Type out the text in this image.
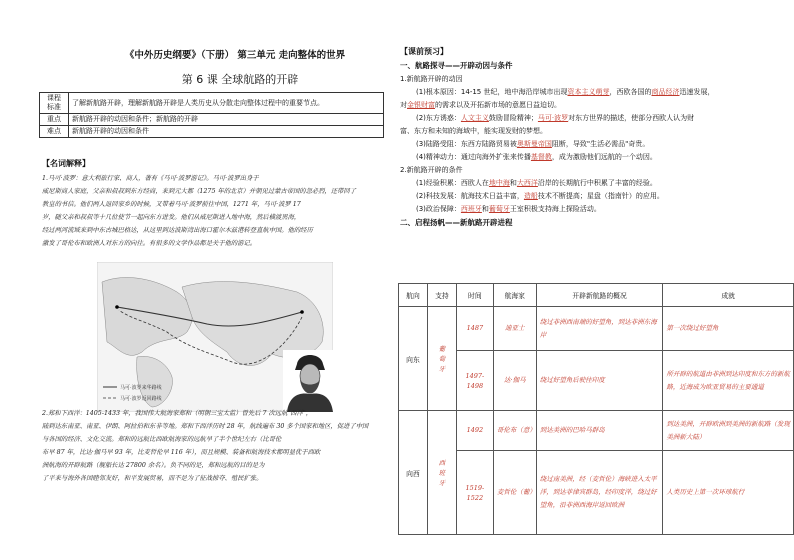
《中外历史纲要》（下册） 第三单元 走向整体的世界
第 6 课 全球航路的开辟
课程
标准	了解新航路开辟，理解新航路开辟是人类历史从分散走向整体过程中的重要节点。
重点	新航路开辟的动因和条件；新航路的开辟
难点	新航路开辟的动因和条件
【名词解释】
1.马可·波罗：意大利旅行家、商人，著有《马可·波罗游记》。马可·波罗出身于
威尼斯商人家庭，父亲和叔叔到东方经商，来到元大都（1275 年的北京）并朝见过蒙古帝国的忽必烈，还带回了
教皇的书信。他们两人返回家乡的时候，又带着马可·波罗前往中国，1271 年，马可·波罗 17
岁，随父亲和叔叔等十几位使节一起向东方进发。他们从威尼斯进入地中海，然后横渡黑海，
经过两河流域来到中东古城巴格达，从这里到达波斯湾出海口霍尔木兹港转登直航中国。他的经历
激发了哥伦布和欧洲人对东方的向往。有很多的文学作品都是关于他的游记。
马可·波罗来华路线
马可·波罗返回路线
2.郑和下西洋：1405-1433 年，我国伟大航海家郑和（明朝三宝太监）曾先后 7 次远航"西洋"，
陆到达东南亚、南亚、伊朗、阿拉伯和东非等地。郑和下西洋历时 28 年，航线遍布 30 多个国家和地区，促进了中国
与各国的经济、文化交流。郑和的远航比西欧航海家的远航早了半个世纪左右（比哥伦
布早 87 年，比达·伽马早 93 年，比麦哲伦早 116 年），而且规模、装备和航海技术都明显优于西欧
洲航海的开辟航路（舰船长达 27800 余名）。负不同的是，郑和远航的目的是为
了平来与海外各国睦邻友好，和平发展贸易，而不是为了征战掠夺、殖民扩张。
【课前预习】
一、航路探寻——开辟动因与条件
1.新航路开辟的动因
(1)根本原因：14-15 世纪，地中海沿岸城市出现资本主义萌芽，西欧各国的商品经济迅速发展，
对金银财富的需求以及开拓新市场的意愿日益迫切。
(2)东方诱惑：人文主义鼓励冒险精神；马可·波罗对东方世界的描述，使部分西欧人认为财
富、东方和未知的海域中，能实现发财的梦想。
(3)陆路受阻：东西方陆路贸易被奥斯曼帝国阻断，导致"生活必需品"奇贵。
(4)精神动力：通过向海外扩张来传播基督教，成为激励他们远航的一个动因。
2.新航路开辟的条件
(1)经验积累：西欧人在地中海和大西洋沿岸的长期航行中积累了丰富的经验。
(2)科技发展：航海技术日益丰富，造船技术不断提高；星盘（指南针）的应用。
(3)政治保障：西班牙和葡萄牙王室积极支持海上探险活动。
二、启程扬帆——新航路开辟进程
航向	支持	时间	航海家	开辟新航路的概况	成就
向东	葡
萄
牙	1487	迪亚士	绕过非洲西南端的好望角，到达非洲东海岸	第一次绕过好望角
		1497-
1498	达·伽马	绕过好望角后驶往印度	所开辟的航道由非洲到达印度和东方的新航路，近海成为欧亚贸易的主要通道
向西	西
班
牙	1492	哥伦布（意）	到达美洲的巴哈马群岛	到达美洲，开辟欧洲到美洲的新航路（发现美洲新大陆）
		1519-
1522	麦哲伦（葡）	绕过南美洲，经（麦哲伦）海峡进入太平洋，到达菲律宾群岛，经印度洋，绕过好望角，沿非洲西海岸返回欧洲	人类历史上第一次环球航行
